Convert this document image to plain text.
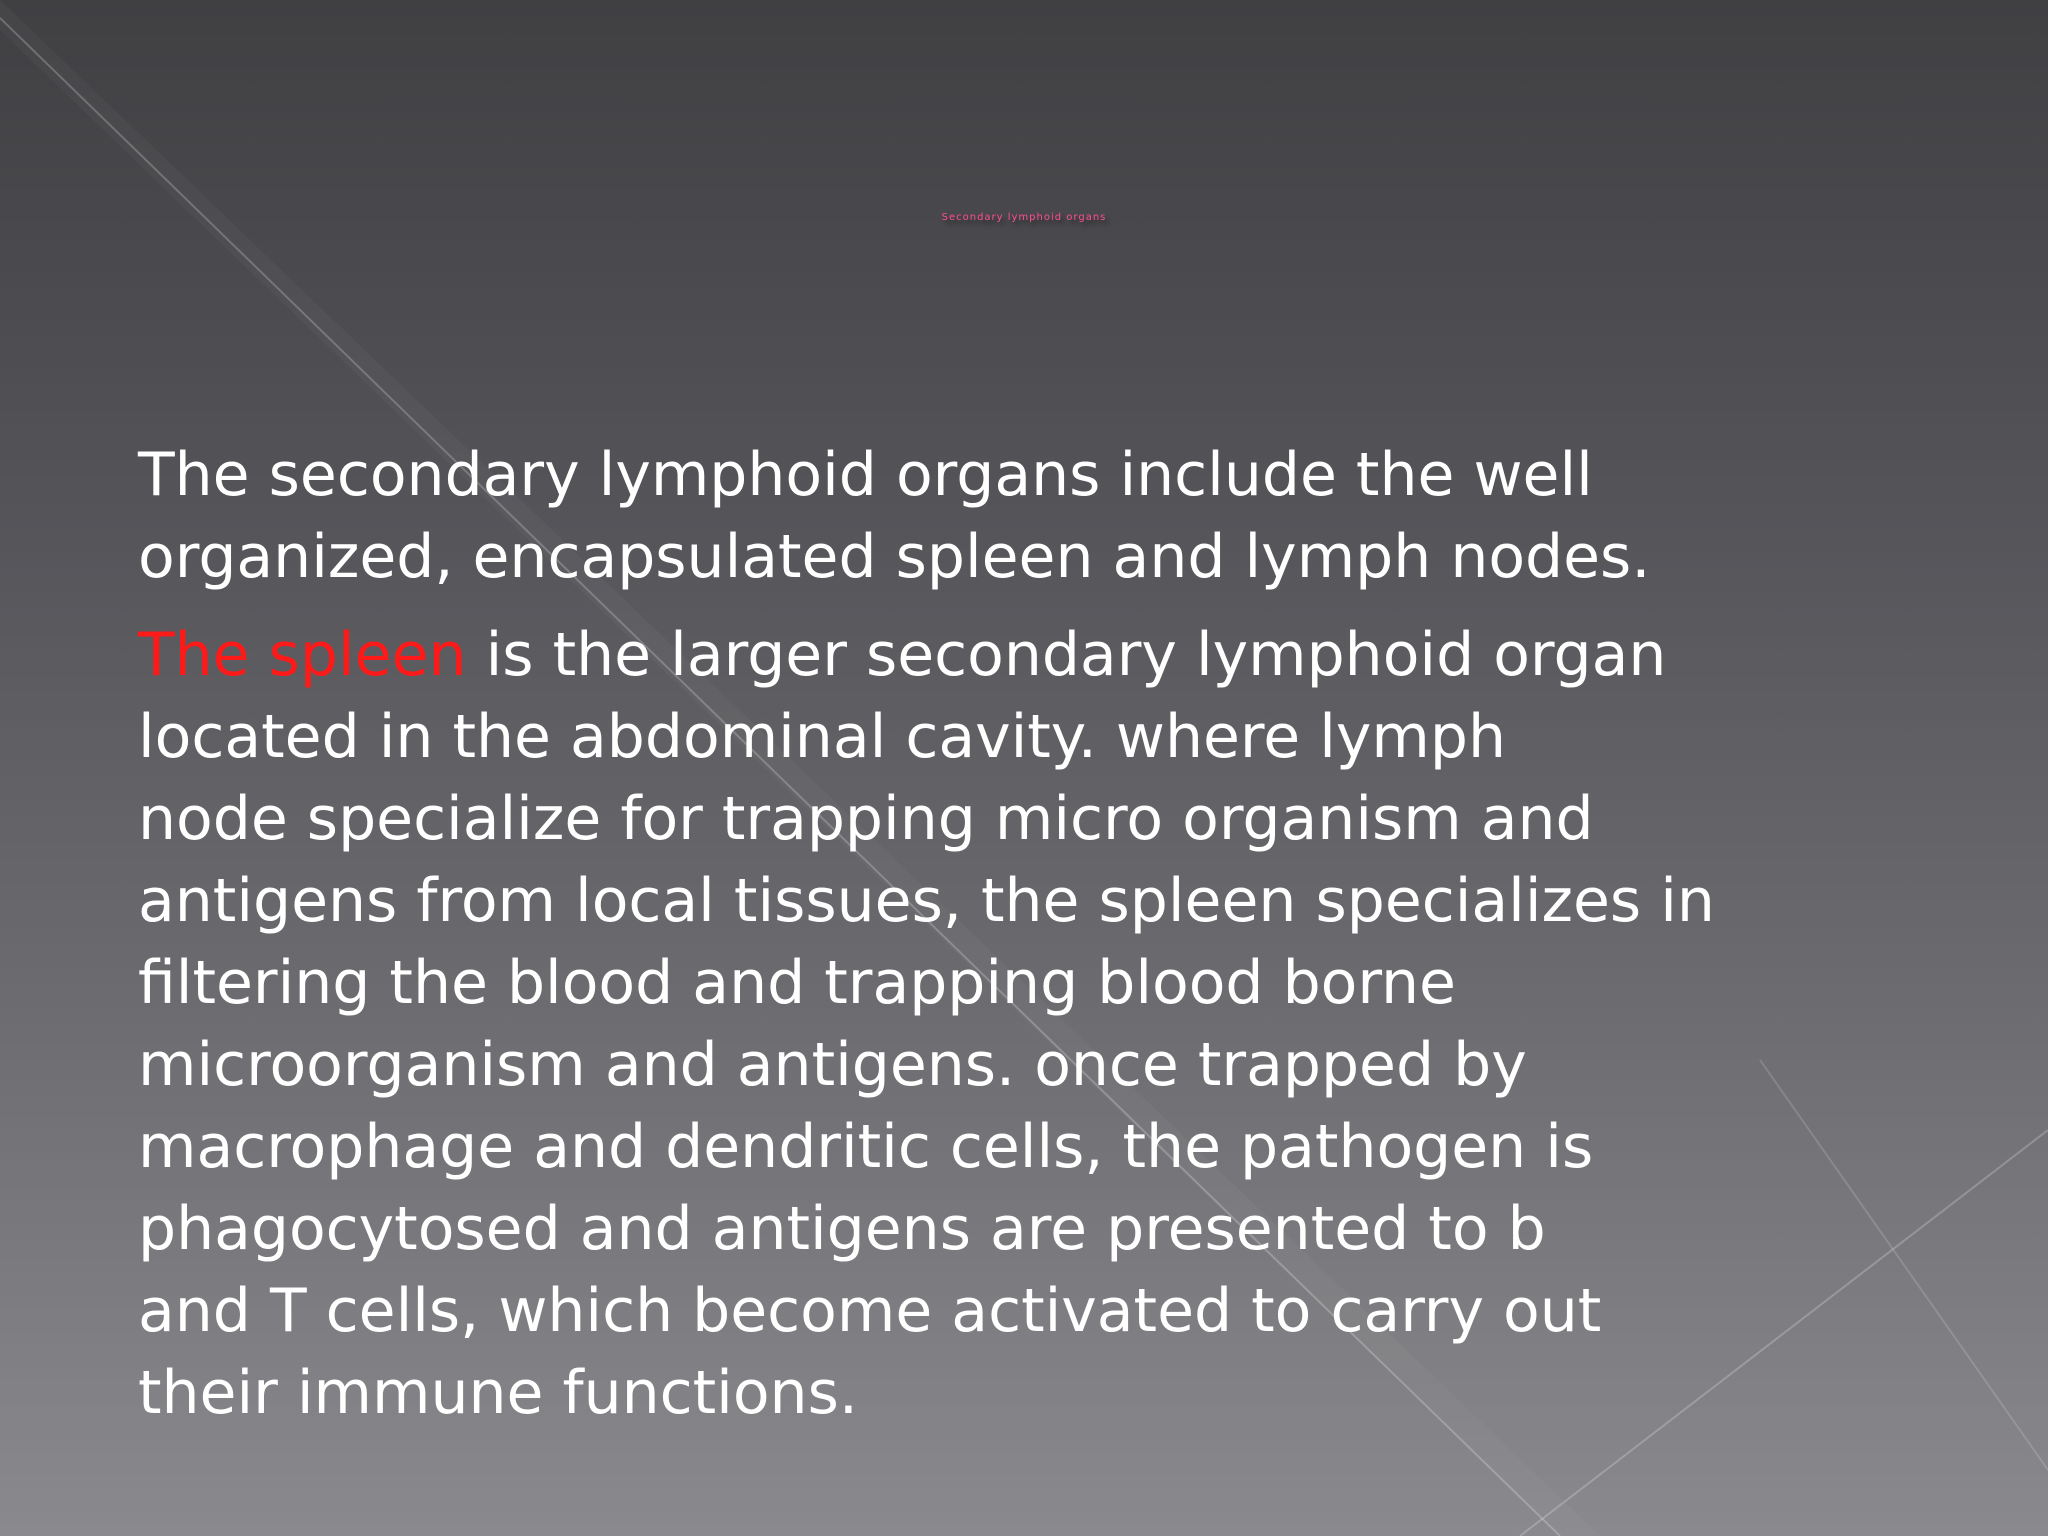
Secondary lymphoid organs

The secondary lymphoid organs include the well
organized, encapsulated spleen and lymph nodes.

The spleen is the larger secondary lymphoid organ
located in the abdominal cavity. where lymph
node specialize for trapping micro organism and
antigens from local tissues, the spleen specializes in
filtering the blood and trapping blood borne
microorganism and antigens. once trapped by
macrophage and dendritic cells, the pathogen is
phagocytosed and antigens are presented to b
and T cells, which become activated to carry out
their immune functions.
